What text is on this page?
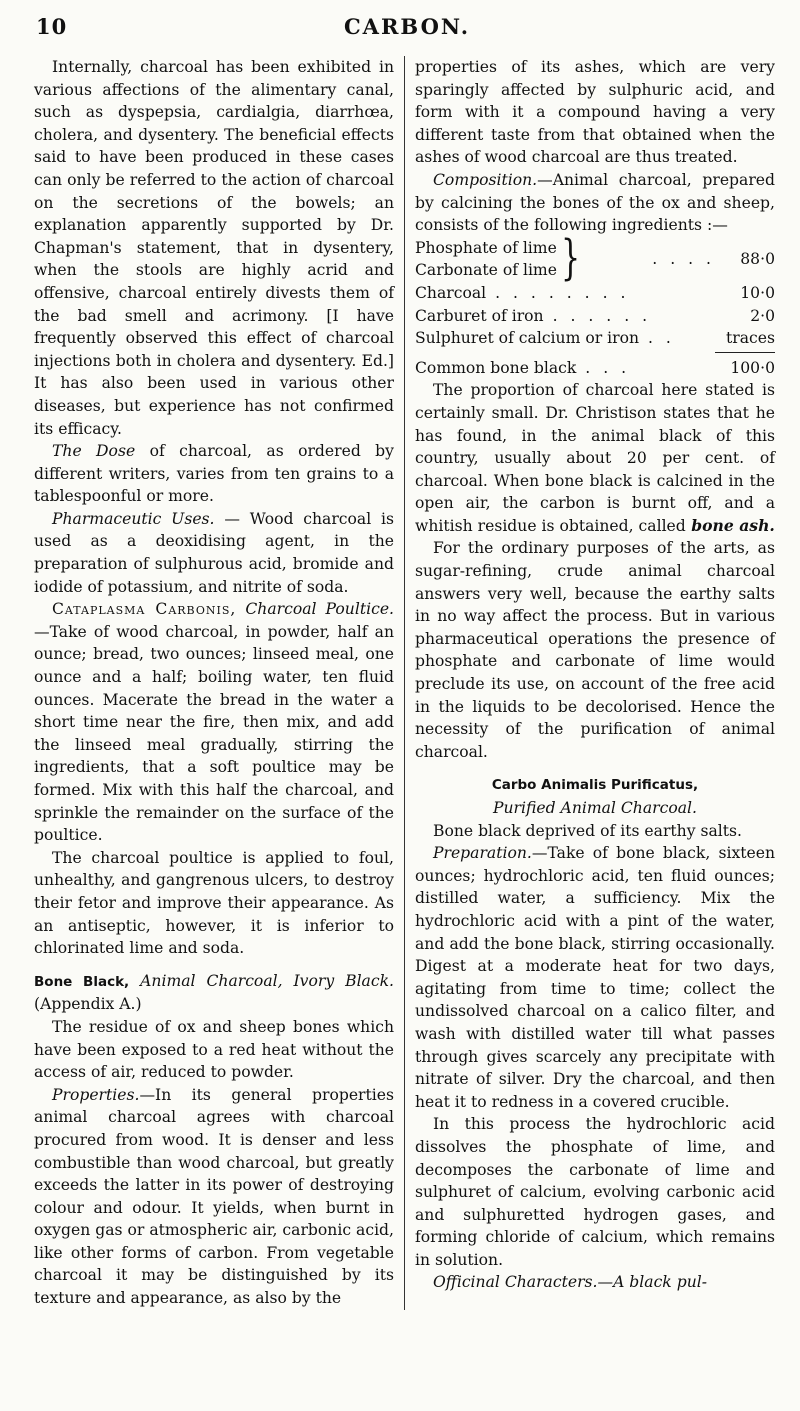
10	CARBON.

Internally, charcoal has been exhibited in various affections of the alimentary canal, such as dyspepsia, cardialgia, diarrhœa, cholera, and dysentery. The beneficial effects said to have been produced in these cases can only be referred to the action of charcoal on the secretions of the bowels; an explanation apparently supported by Dr. Chapman's statement, that in dysentery, when the stools are highly acrid and offensive, charcoal entirely divests them of the bad smell and acrimony. [I have frequently observed this effect of charcoal injections both in cholera and dysentery. Ed.] It has also been used in various other diseases, but experience has not confirmed its efficacy.

The Dose of charcoal, as ordered by different writers, varies from ten grains to a tablespoonful or more.

Pharmaceutic Uses. — Wood charcoal is used as a deoxidising agent, in the preparation of sulphurous acid, bromide and iodide of potassium, and nitrite of soda.

Cataplasma Carbonis, Charcoal Poultice.—Take of wood charcoal, in powder, half an ounce; bread, two ounces; linseed meal, one ounce and a half; boiling water, ten fluid ounces. Macerate the bread in the water a short time near the fire, then mix, and add the linseed meal gradually, stirring the ingredients, that a soft poultice may be formed. Mix with this half the charcoal, and sprinkle the remainder on the surface of the poultice.

The charcoal poultice is applied to foul, unhealthy, and gangrenous ulcers, to destroy their fetor and improve their appearance. As an antiseptic, however, it is inferior to chlorinated lime and soda.

Bone Black, Animal Charcoal, Ivory Black. (Appendix A.)

The residue of ox and sheep bones which have been exposed to a red heat without the access of air, reduced to powder.

Properties.—In its general properties animal charcoal agrees with charcoal procured from wood. It is denser and less combustible than wood charcoal, but greatly exceeds the latter in its power of destroying colour and odour. It yields, when burnt in oxygen gas or atmospheric air, carbonic acid, like other forms of carbon. From vegetable charcoal it may be distinguished by its texture and appearance, as also by the

properties of its ashes, which are very sparingly affected by sulphuric acid, and form with it a compound having a very different taste from that obtained when the ashes of wood charcoal are thus treated.

Composition.—Animal charcoal, prepared by calcining the bones of the ox and sheep, consists of the following ingredients :—

Phosphate of lime
Carbonate of lime } . . . .	88·0
Charcoal . . . . . . . .	10·0
Carburet of iron . . . . . .	2·0
Sulphuret of calcium or iron . .	traces

Common bone black . . .	100·0

The proportion of charcoal here stated is certainly small. Dr. Christison states that he has found, in the animal black of this country, usually about 20 per cent. of charcoal. When bone black is calcined in the open air, the carbon is burnt off, and a whitish residue is obtained, called bone ash.

For the ordinary purposes of the arts, as sugar-refining, crude animal charcoal answers very well, because the earthy salts in no way affect the process. But in various pharmaceutical operations the presence of phosphate and carbonate of lime would preclude its use, on account of the free acid in the liquids to be decolorised. Hence the necessity of the purification of animal charcoal.

Carbo Animalis Purificatus,

Purified Animal Charcoal.

Bone black deprived of its earthy salts.

Preparation.—Take of bone black, sixteen ounces; hydrochloric acid, ten fluid ounces; distilled water, a sufficiency. Mix the hydrochloric acid with a pint of the water, and add the bone black, stirring occasionally. Digest at a moderate heat for two days, agitating from time to time; collect the undissolved charcoal on a calico filter, and wash with distilled water till what passes through gives scarcely any precipitate with nitrate of silver. Dry the charcoal, and then heat it to redness in a covered crucible.

In this process the hydrochloric acid dissolves the phosphate of lime, and decomposes the carbonate of lime and sulphuret of calcium, evolving carbonic acid and sulphuretted hydrogen gases, and forming chloride of calcium, which remains in solution.

Officinal Characters.—A black pul-
